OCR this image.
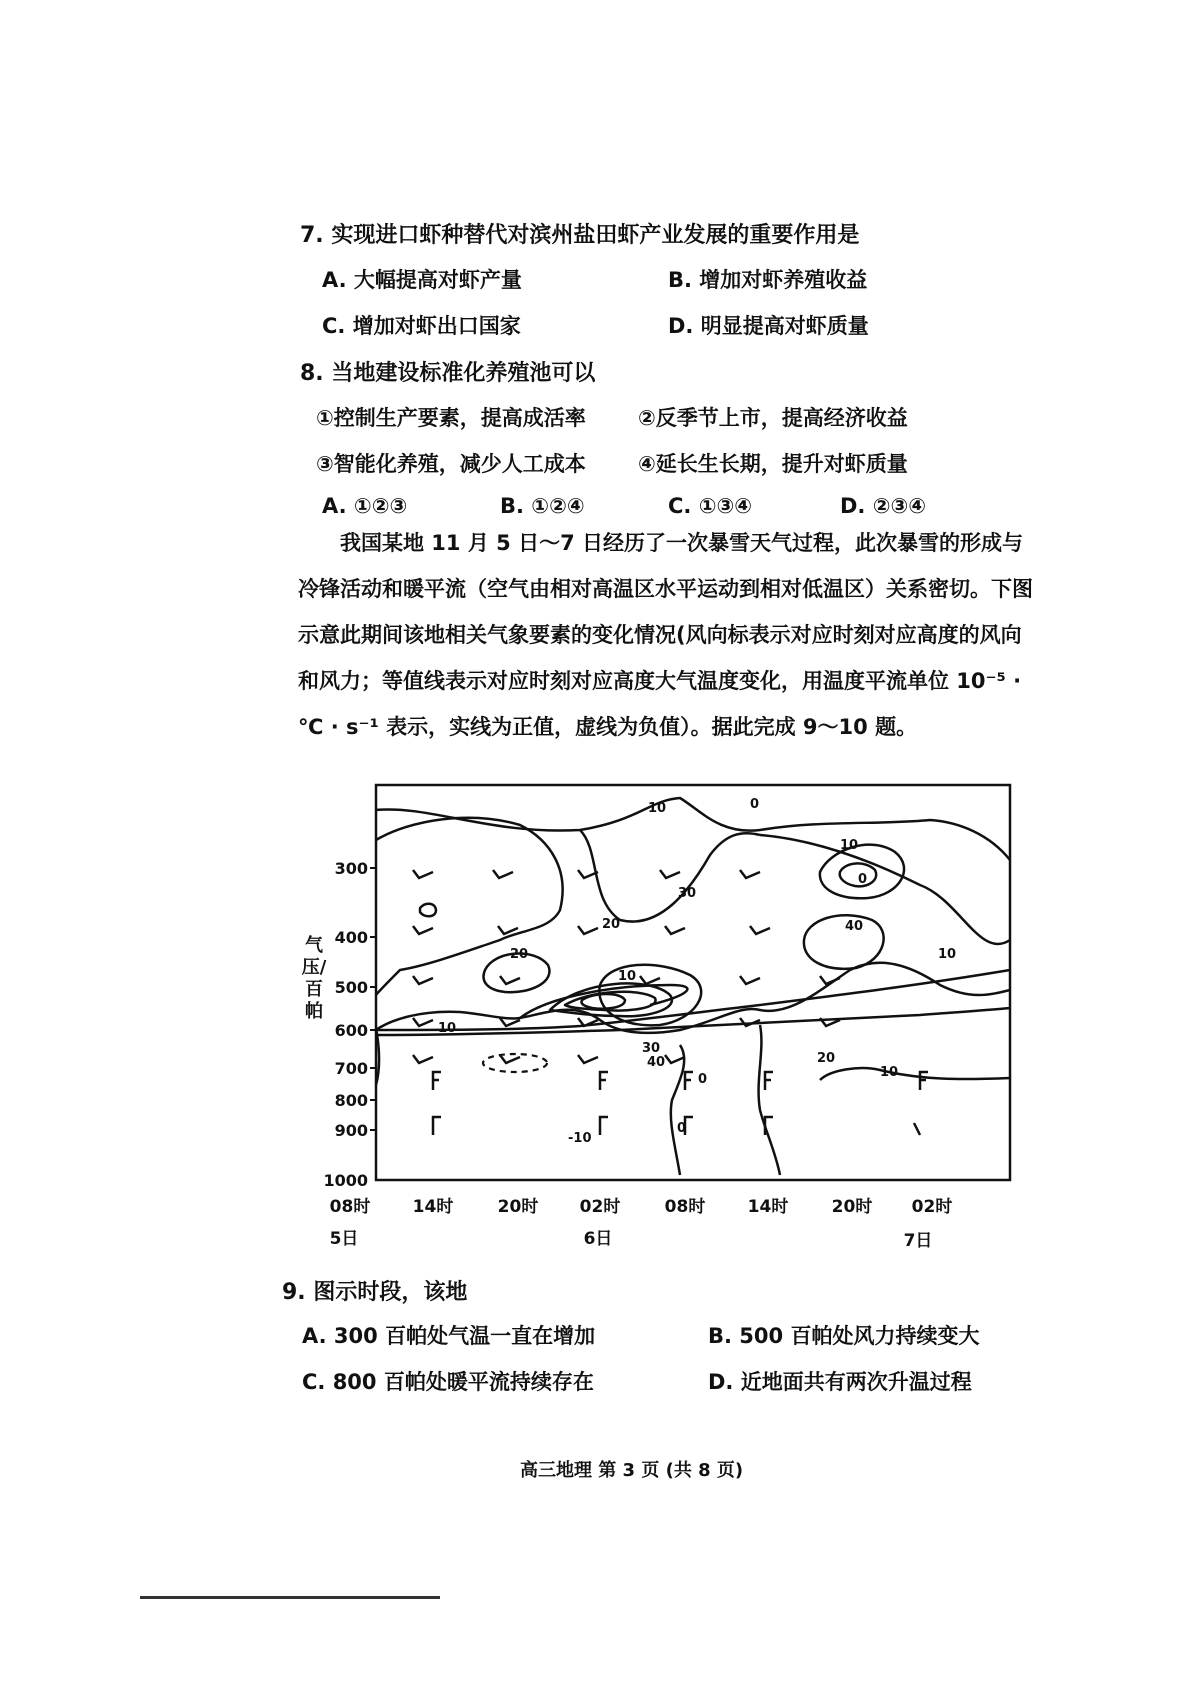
7. 实现进口虾种替代对滨州盐田虾产业发展的重要作用是
A. 大幅提高对虾产量	B. 增加对虾养殖收益
C. 增加对虾出口国家	D. 明显提高对虾质量
8. 当地建设标准化养殖池可以
①控制生产要素，提高成活率 ②反季节上市，提高经济收益
③智能化养殖，减少人工成本 ④延长生长期，提升对虾质量
A. ①②③	B. ①②④	C. ①③④	D. ②③④

我国某地 11 月 5 日～7 日经历了一次暴雪天气过程，此次暴雪的形成与冷锋活动和暖平流（空气由相对高温区水平运动到相对低温区）关系密切。下图示意此期间该地相关气象要素的变化情况(风向标表示对应时刻对应高度的风向和风力；等值线表示对应时刻对应高度大气温度变化，用温度平流单位 10⁻⁵ · ℃ · s⁻¹ 表示，实线为正值，虚线为负值）。据此完成 9～10 题。

气压/百帕
0
10
10
0
30
20	40
20
10
10
10
30
40	20
10
0
0
-10
300
400
500
600
700
800
900
1000
08时 14时	20时 02时	08时 14时	20时 02时
5日	6日	7日
9. 图示时段，该地
A. 300 百帕处气温一直在增加	B. 500 百帕处风力持续变大
C. 800 百帕处暖平流持续存在	D. 近地面共有两次升温过程
高三地理 第 3 页 (共 8 页)
